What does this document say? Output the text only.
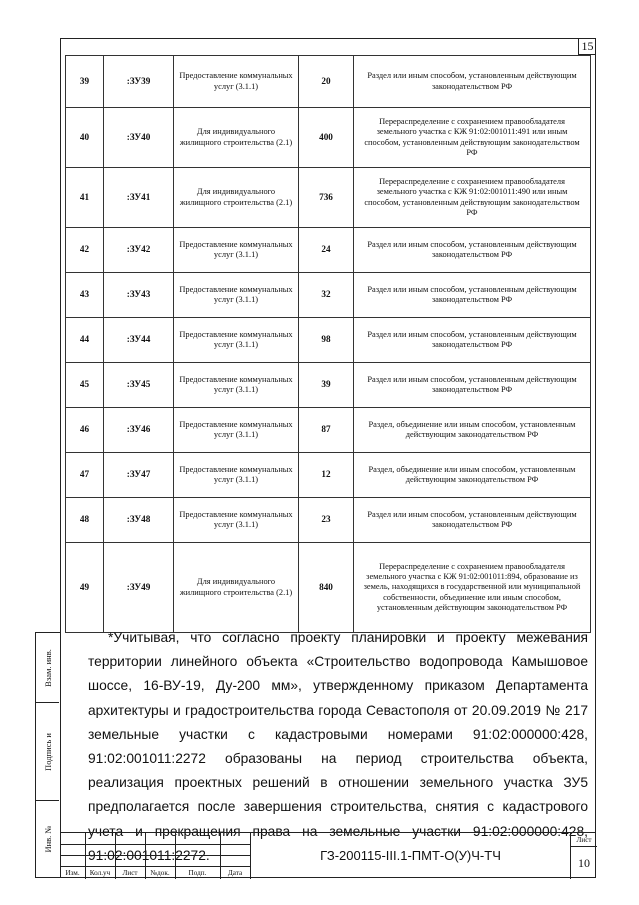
15
39	:ЗУ39	Предоставление коммунальных услуг (3.1.1)	20	Раздел или иным способом, установленным действующим законодательством РФ
40	:ЗУ40	Для индивидуального жилищного строительства (2.1)	400	Перераспределение с сохранением правообладателя земельного участка с КЖ 91:02:001011:491 или иным способом, установленным действующим законодательством РФ
41	:ЗУ41	Для индивидуального жилищного строительства (2.1)	736	Перераспределение с сохранением правообладателя земельного участка с КЖ 91:02:001011:490 или иным способом, установленным действующим законодательством РФ
42	:ЗУ42	Предоставление коммунальных услуг (3.1.1)	24	Раздел или иным способом, установленным действующим законодательством РФ
43	:ЗУ43	Предоставление коммунальных услуг (3.1.1)	32	Раздел или иным способом, установленным действующим законодательством РФ
44	:ЗУ44	Предоставление коммунальных услуг (3.1.1)	98	Раздел или иным способом, установленным действующим законодательством РФ
45	:ЗУ45	Предоставление коммунальных услуг (3.1.1)	39	Раздел или иным способом, установленным действующим законодательством РФ
46	:ЗУ46	Предоставление коммунальных услуг (3.1.1)	87	Раздел, объединение или иным способом, установленным действующим законодательством РФ
47	:ЗУ47	Предоставление коммунальных услуг (3.1.1)	12	Раздел, объединение или иным способом, установленным действующим законодательством РФ
48	:ЗУ48	Предоставление коммунальных услуг (3.1.1)	23	Раздел или иным способом, установленным действующим законодательством РФ
49	:ЗУ49	Для индивидуального жилищного строительства (2.1)	840	Перераспределение с сохранением правообладателя земельного участка с КЖ 91:02:001011:894, образование из земель, находящихся в государственной или муниципальной собственности, объединение или иным способом, установленным действующим законодательством РФ

*Учитывая, что согласно проекту планировки и проекту межевания территории линейного объекта «Строительство водопровода Камышовое шоссе, 16-ВУ-19, Ду-200 мм», утвержденному приказом Департамента архитектуры и градостроительства города Севастополя от 20.09.2019 № 217 земельные участки с кадастровыми номерами 91:02:000000:428, 91:02:001011:2272 образованы на период строительства объекта, реализация проектных решений в отношении земельного участка ЗУ5 предполагается после завершения строительства, снятия с кадастрового учета и прекращения права на земельные участки 91:02:000000:428, 91:02:001011:2272.

Взам. инв.
Подпись и
Инв. №
Изм.	Кол.уч	Лист	№док.	Подп.	Дата
ГЗ-200115-III.1-ПМТ-О(У)Ч-ТЧ
Лист
10
